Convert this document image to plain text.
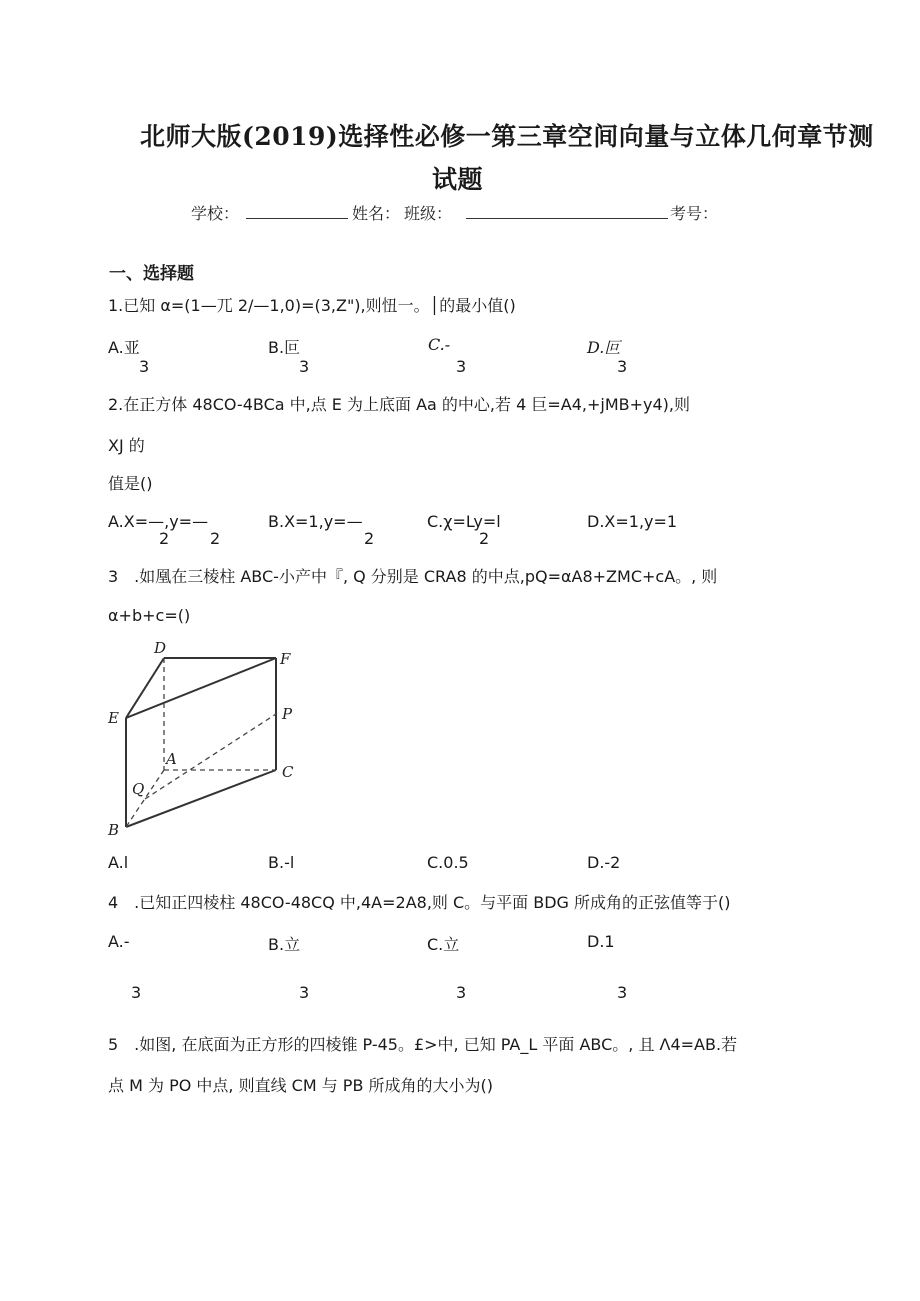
北师大版(2019)选择性必修一第三章空间向量与立体几何章节测
试题
学校：	姓名： 班级：	考号：
一、选择题
1.已知 α=(1—兀 2/—1,0)=(3,Z"),则忸一。│的最小值()
A.亚	B.叵	C.-	D.叵
3	3	3	3
2.在正方体 48CO-4BCa 中,点 E 为上底面 Aa 的中心,若 4 巨=A4,+jMB+y4),则
XJ 的
值是()
A.X=—,y=—	B.X=1,y=—	C.χ=Ly=l	D.X=1,y=1
2	2	2	2
3　.如凰在三棱柱 ABC-小产中『, Q 分别是 CRA8 的中点,pQ=αA8+ZMC+cA。, 则
α+b+c=()
D
F
E	P
A
C
Q
B
A.l	B.-l	C.0.5	D.-2
4　.已知正四棱柱 48CO-48CQ 中,4A=2A8,则 C。与平面 BDG 所成角的正弦值等于()
A.-	B.立	C.立	D.1
3	3	3	3
5　.如图, 在底面为正方形的四棱锥 P-45。£>中, 已知 PA_L 平面 ABC。, 且 Λ4=AB.若
点 M 为 PO 中点, 则直线 CM 与 PB 所成角的大小为()
